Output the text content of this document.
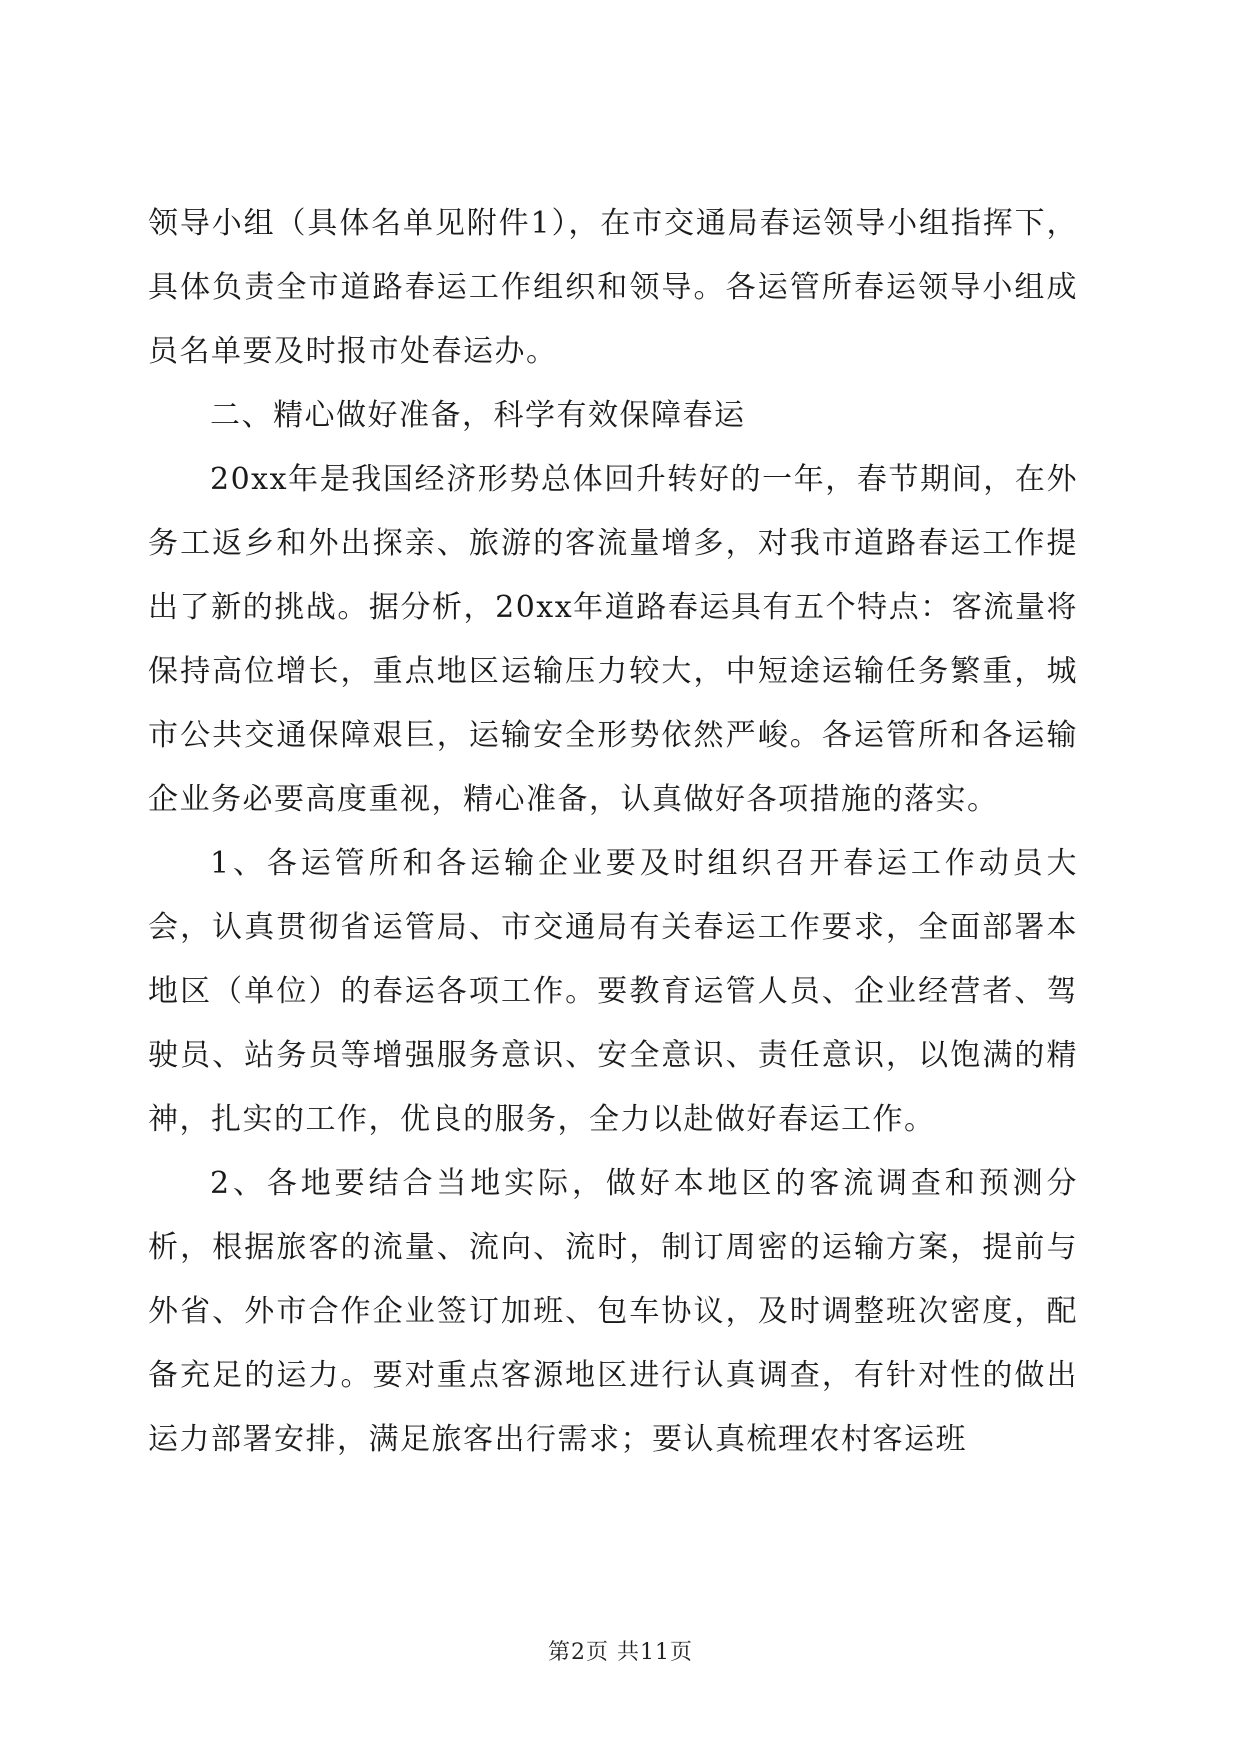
领导小组（具体名单见附件1），在市交通局春运领导小组指挥下，具体负责全市道路春运工作组织和领导。各运管所春运领导小组成员名单要及时报市处春运办。

二、精心做好准备，科学有效保障春运

20xx年是我国经济形势总体回升转好的一年，春节期间，在外务工返乡和外出探亲、旅游的客流量增多，对我市道路春运工作提出了新的挑战。据分析，20xx年道路春运具有五个特点：客流量将保持高位增长，重点地区运输压力较大，中短途运输任务繁重，城市公共交通保障艰巨，运输安全形势依然严峻。各运管所和各运输企业务必要高度重视，精心准备，认真做好各项措施的落实。

1、各运管所和各运输企业要及时组织召开春运工作动员大会，认真贯彻省运管局、市交通局有关春运工作要求，全面部署本地区（单位）的春运各项工作。要教育运管人员、企业经营者、驾驶员、站务员等增强服务意识、安全意识、责任意识，以饱满的精神，扎实的工作，优良的服务，全力以赴做好春运工作。

2、各地要结合当地实际，做好本地区的客流调查和预测分析，根据旅客的流量、流向、流时，制订周密的运输方案，提前与外省、外市合作企业签订加班、包车协议，及时调整班次密度，配备充足的运力。要对重点客源地区进行认真调查，有针对性的做出运力部署安排，满足旅客出行需求；要认真梳理农村客运班

第2页 共11页
